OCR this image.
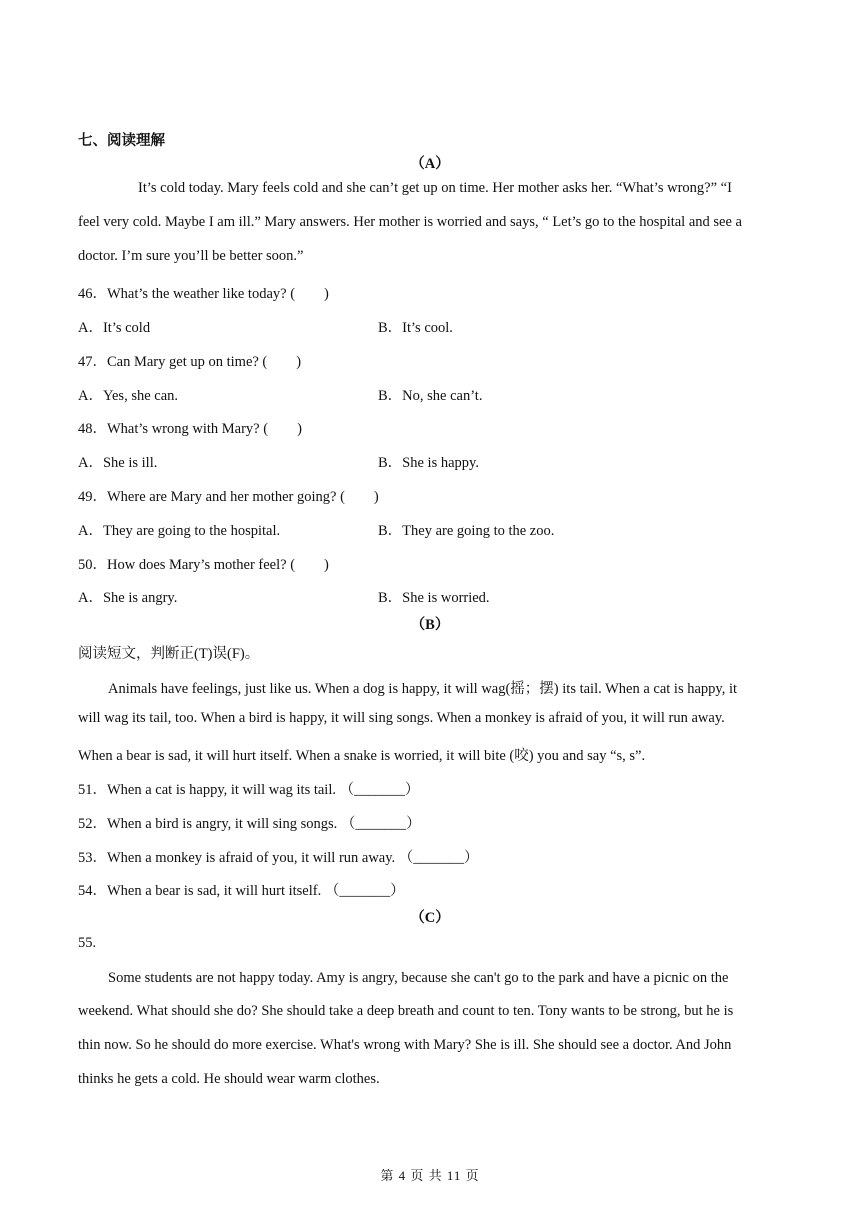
七、阅读理解
（A）
It’s cold today. Mary feels cold and she can’t get up on time. Her mother asks her. “What’s wrong?” “I
feel very cold. Maybe I am ill.” Mary answers. Her mother is worried and says, “ Let’s go to the hospital and see a
doctor. I’m sure you’ll be better soon.”
46．What’s the weather like today? (　　)
A．It’s cold	B．It’s cool.
47．Can Mary get up on time? (　　)
A．Yes, she can.	B．No, she can’t.
48．What’s wrong with Mary? (　　)
A．She is ill.	B．She is happy.
49．Where are Mary and her mother going? (　　)
A．They are going to the hospital.	B．They are going to the zoo.
50．How does Mary’s mother feel? (　　)
A．She is angry.	B．She is worried.
（B）
阅读短文，判断正(T)误(F)。
Animals have feelings, just like us. When a dog is happy, it will wag(摇；摆) its tail. When a cat is happy, it
will wag its tail, too. When a bird is happy, it will sing songs. When a monkey is afraid of you, it will run away.
When a bear is sad, it will hurt itself. When a snake is worried, it will bite (咬) you and say “s, s”.
51．When a cat is happy, it will wag its tail. （_______）
52．When a bird is angry, it will sing songs. （_______）
53．When a monkey is afraid of you, it will run away. （_______）
54．When a bear is sad, it will hurt itself. （_______）
（C）
55.
Some students are not happy today. Amy is angry, because she can't go to the park and have a picnic on the
weekend. What should she do? She should take a deep breath and count to ten. Tony wants to be strong, but he is
thin now. So he should do more exercise. What's wrong with Mary? She is ill. She should see a doctor. And John
thinks he gets a cold. He should wear warm clothes.
第 4 页 共 11 页
